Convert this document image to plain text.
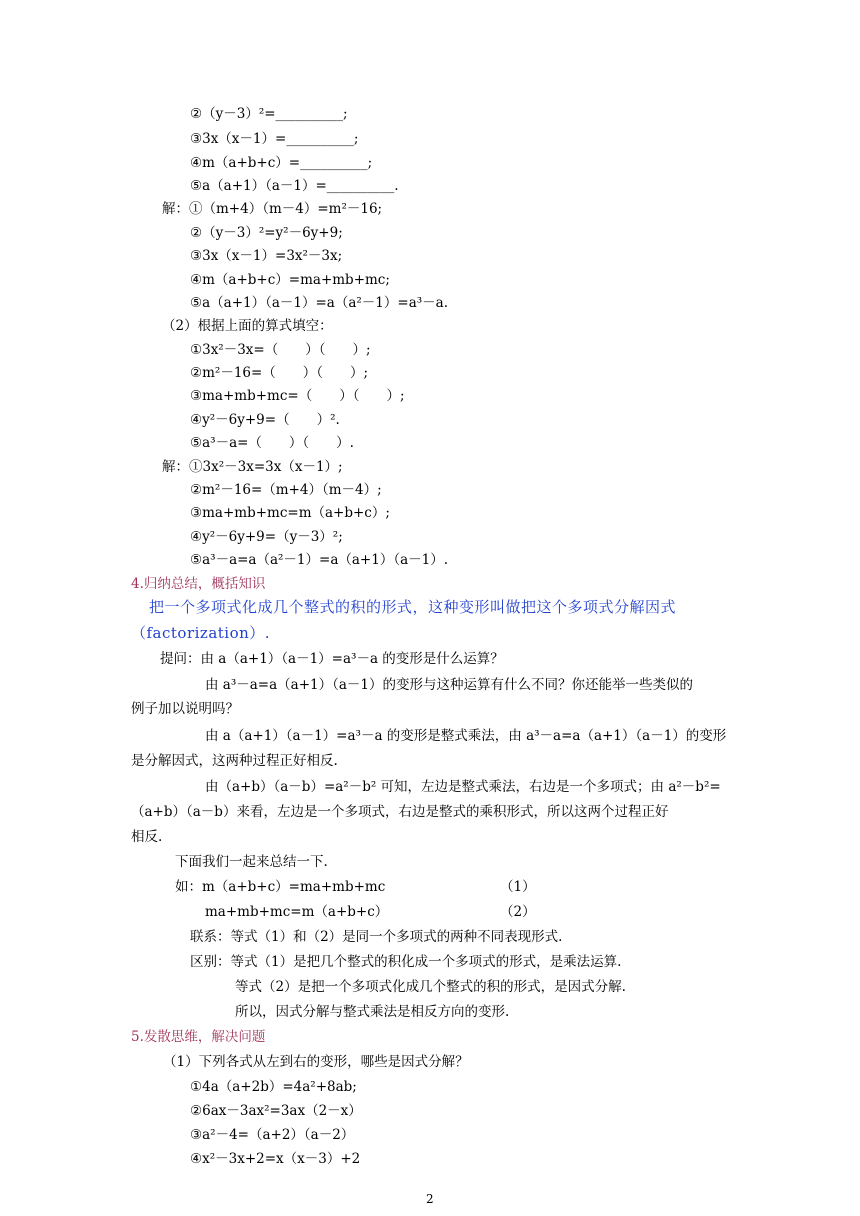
②（y－3）²=__________;
③3x（x－1）=__________;
④m（a+b+c）=__________;
⑤a（a+1）（a－1）=__________.
解：①（m+4）（m－4）=m²－16;
②（y－3）²=y²－6y+9;
③3x（x－1）=3x²－3x;
④m（a+b+c）=ma+mb+mc;
⑤a（a+1）（a－1）=a（a²－1）=a³－a.
（2）根据上面的算式填空：
①3x²－3x=（　　）（　　）;
②m²－16=（　　）（　　）;
③ma+mb+mc=（　　）（　　）;
④y²－6y+9=（　　）².
⑤a³－a=（　　）（　　）.
解：①3x²－3x=3x（x－1）;
②m²－16=（m+4）（m－4）;
③ma+mb+mc=m（a+b+c）;
④y²－6y+9=（y－3）²;
⑤a³－a=a（a²－1）=a（a+1）（a－1）.
4.归纳总结，概括知识
把一个多项式化成几个整式的积的形式，这种变形叫做把这个多项式分解因式
（factorization）.
提问：由 a（a+1）（a－1）=a³－a 的变形是什么运算？
由 a³－a=a（a+1）（a－1）的变形与这种运算有什么不同？你还能举一些类似的
例子加以说明吗？
由 a（a+1）（a－1）=a³－a 的变形是整式乘法，由 a³－a=a（a+1）（a－1）的变形
是分解因式，这两种过程正好相反.
由（a+b）（a－b）=a²－b² 可知，左边是整式乘法，右边是一个多项式；由 a²－b²=
（a+b）（a－b）来看，左边是一个多项式，右边是整式的乘积形式，所以这两个过程正好
相反.
下面我们一起来总结一下.
如：m（a+b+c）=ma+mb+mc	（1）
ma+mb+mc=m（a+b+c）	（2）
联系：等式（1）和（2）是同一个多项式的两种不同表现形式.
区别：等式（1）是把几个整式的积化成一个多项式的形式，是乘法运算.
等式（2）是把一个多项式化成几个整式的积的形式，是因式分解.
所以，因式分解与整式乘法是相反方向的变形.
5.发散思维，解决问题
（1）下列各式从左到右的变形，哪些是因式分解？
①4a（a+2b）=4a²+8ab;
②6ax－3ax²=3ax（2－x）
③a²－4=（a+2）（a－2）
④x²－3x+2=x（x－3）+2
2
